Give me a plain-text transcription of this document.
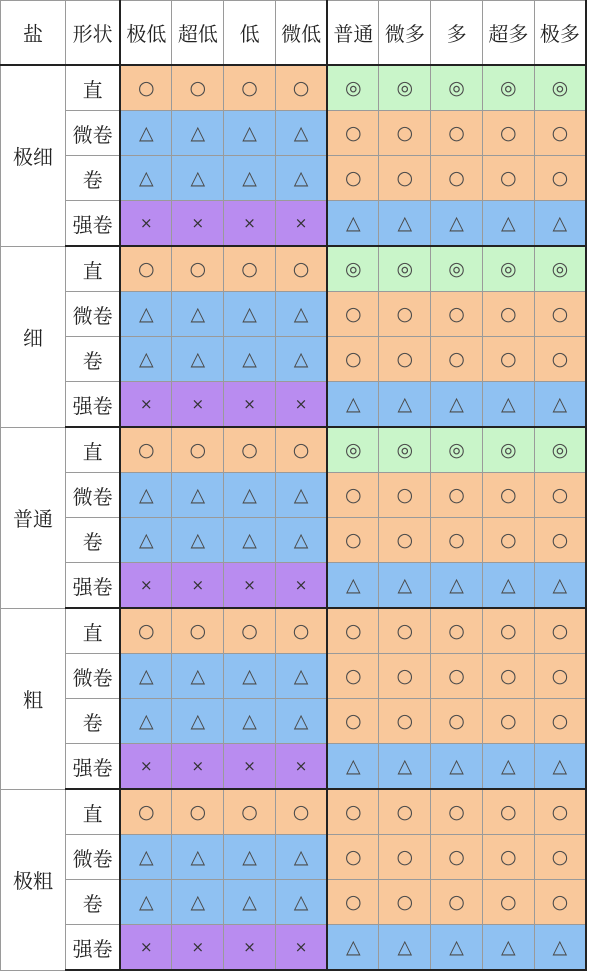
盐	形状	极低	超低	低	微低	普通	微多	多	超多	极多
极细	直	○	○	○	○	◎	◎	◎	◎	◎
	微卷	△	△	△	△	○	○	○	○	○
	卷	△	△	△	△	○	○	○	○	○
	强卷	×	×	×	×	△	△	△	△	△
细	直	○	○	○	○	◎	◎	◎	◎	◎
	微卷	△	△	△	△	○	○	○	○	○
	卷	△	△	△	△	○	○	○	○	○
	强卷	×	×	×	×	△	△	△	△	△
普通	直	○	○	○	○	◎	◎	◎	◎	◎
	微卷	△	△	△	△	○	○	○	○	○
	卷	△	△	△	△	○	○	○	○	○
	强卷	×	×	×	×	△	△	△	△	△
粗	直	○	○	○	○	○	○	○	○	○
	微卷	△	△	△	△	○	○	○	○	○
	卷	△	△	△	△	○	○	○	○	○
	强卷	×	×	×	×	△	△	△	△	△
极粗	直	○	○	○	○	○	○	○	○	○
	微卷	△	△	△	△	○	○	○	○	○
	卷	△	△	△	△	○	○	○	○	○
	强卷	×	×	×	×	△	△	△	△	△
